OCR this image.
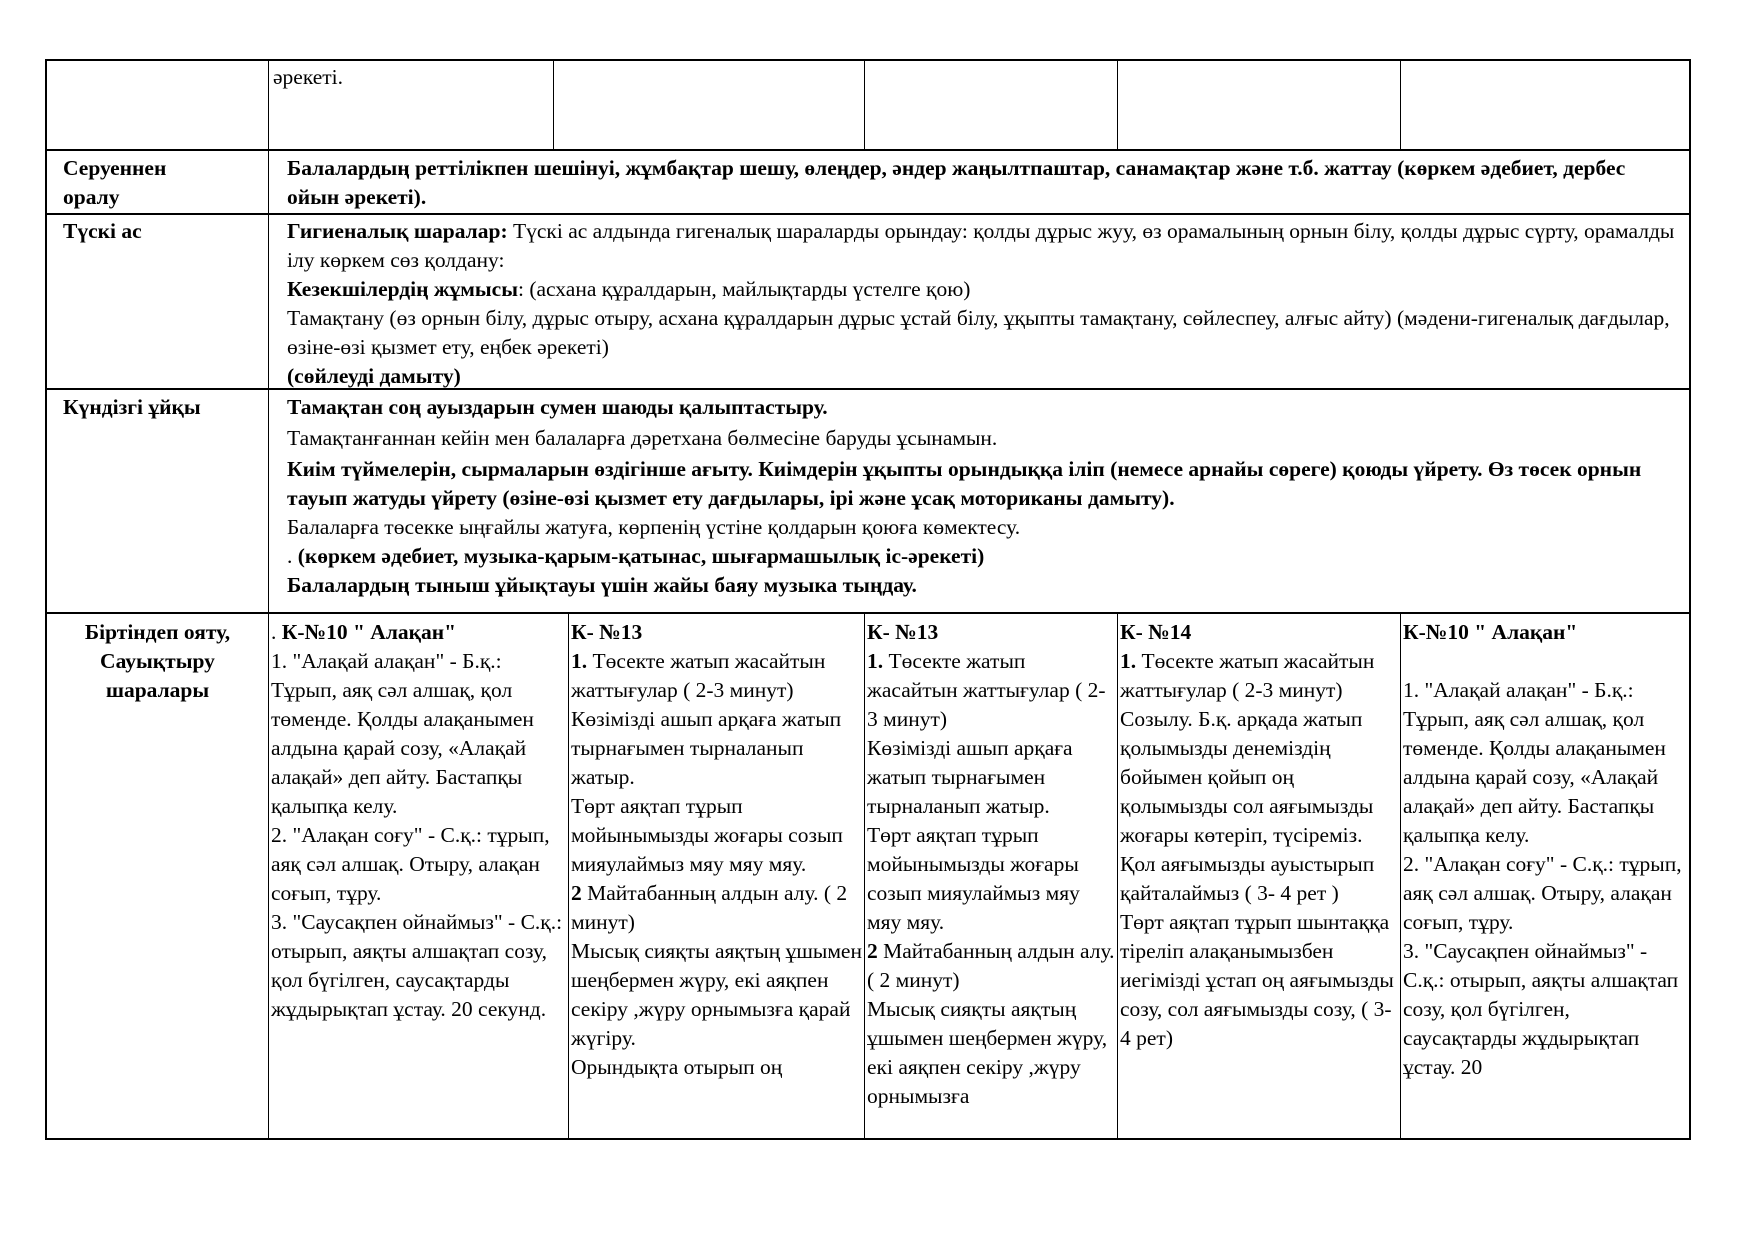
әрекеті.
Серуеннен
оралу
Балалардың реттілікпен шешінуі, жұмбақтар шешу, өлеңдер, әндер жаңылтпаштар, санамақтар және т.б. жаттау (көркем әдебиет, дербес ойын әрекеті).
Түскі ас	Гигиеналық шаралар: Түскі ас алдында гигеналық шараларды орындау: қолды дұрыс жуу, өз орамалының орнын білу, қолды дұрыс сүрту, орамалды ілу көркем сөз қолдану:
Кезекшілердің жұмысы: (асхана құралдарын, майлықтарды үстелге қою)
Тамақтану (өз орнын білу, дұрыс отыру, асхана құралдарын дұрыс ұстай білу, ұқыпты тамақтану, сөйлеспеу, алғыс айту) (мәдени-гигеналық дағдылар, өзіне-өзі қызмет ету, еңбек әрекеті)
(сөйлеуді дамыту)
Күндізгі ұйқы	Тамақтан соң ауыздарын сумен шаюды қалыптастыру.
Тамақтанғаннан кейін мен балаларға дәретхана бөлмесіне баруды ұсынамын.
Киім түймелерін, сырмаларын өздігінше ағыту. Киімдерін ұқыпты орындыққа іліп (немесе арнайы сөреге) қоюды үйрету. Өз төсек орнын тауып жатуды үйрету (өзіне-өзі қызмет ету дағдылары, ірі және ұсақ моториканы дамыту).
Балаларға төсекке ыңғайлы жатуға, көрпенің үстіне қолдарын қоюға көмектесу.
. (көркем әдебиет, музыка-қарым-қатынас, шығармашылық іс-әрекеті)
Балалардың тыныш ұйықтауы үшін жайы баяу музыка тыңдау.
Біртіндеп ояту,
Сауықтыру
шаралары
. К-№10 " Алақан"
1. "Алақай алақан" - Б.қ.: Тұрып, аяқ сәл алшақ, қол төменде. Қолды алақанымен алдына қарай созу, «Алақай алақай» деп айту. Бастапқы қалыпқа келу.
2. "Алақан соғу" - С.қ.: тұрып, аяқ сәл алшақ. Отыру, алақан соғып, тұру.
3. "Саусақпен ойнаймыз" - С.қ.: отырып, аяқты алшақтап созу, қол бүгілген, саусақтарды жұдырықтап ұстау. 20 секунд.
К- №13
1. Төсекте жатып жасайтын жаттығулар ( 2-3 минут)
Көзімізді ашып арқаға жатып тырнағымен тырналанып жатыр.
Төрт аяқтап тұрып мойынымызды жоғары созып мияулаймыз мяу мяу мяу.
2 Майтабанның алдын алу. ( 2 минут)
Мысық сияқты аяқтың ұшымен шеңбермен жүру, екі аяқпен секіру ,жүру орнымызға қарай жүгіру.
Орындықта отырып оң
К- №13
1. Төсекте жатып жасайтын жаттығулар ( 2-3 минут)
Көзімізді ашып арқаға жатып тырнағымен тырналанып жатыр.
Төрт аяқтап тұрып мойынымызды жоғары созып мияулаймыз мяу мяу мяу.
2 Майтабанның алдын алу. ( 2 минут)
Мысық сияқты аяқтың ұшымен шеңбермен жүру, екі аяқпен секіру ,жүру орнымызға
К- №14
1. Төсекте жатып жасайтын жаттығулар ( 2-3 минут)
Созылу. Б.қ. арқада жатып қолымызды денеміздің бойымен қойып оң қолымызды сол аяғымызды жоғары көтеріп, түсіреміз. Қол аяғымызды ауыстырып қайталаймыз ( 3- 4 рет )
Төрт аяқтап тұрып шынтаққа тіреліп алақанымызбен иегімізді ұстап оң аяғымызды созу, сол аяғымызды созу, ( 3- 4 рет)
К-№10 " Алақан"

1. "Алақай алақан" - Б.қ.: Тұрып, аяқ сәл алшақ, қол төменде. Қолды алақанымен алдына қарай созу, «Алақай алақай» деп айту. Бастапқы қалыпқа келу.
2. "Алақан соғу" - С.қ.: тұрып, аяқ сәл алшақ. Отыру, алақан соғып, тұру.
3. "Саусақпен ойнаймыз" - С.қ.: отырып, аяқты алшақтап созу, қол бүгілген, саусақтарды жұдырықтап ұстау. 20
